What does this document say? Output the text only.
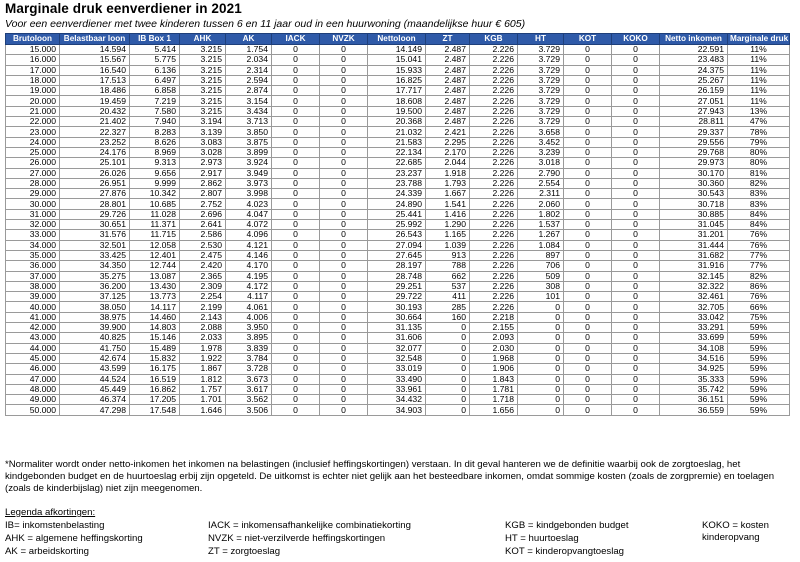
Marginale druk eenverdiener in 2021
Voor een eenverdiener met twee kinderen tussen 6 en 11 jaar oud in een huurwoning (maandelijkse huur € 605)
Brutoloon	Belastbaar loon	IB Box 1	AHK	AK	IACK	NVZK	Nettoloon	ZT	KGB	HT	KOT	KOKO	Netto inkomen	Marginale druk
15.000	14.594	5.414	3.215	1.754	0	0	14.149	2.487	2.226	3.729	0	0	22.591	11%
16.000	15.567	5.775	3.215	2.034	0	0	15.041	2.487	2.226	3.729	0	0	23.483	11%
17.000	16.540	6.136	3.215	2.314	0	0	15.933	2.487	2.226	3.729	0	0	24.375	11%
18.000	17.513	6.497	3.215	2.594	0	0	16.825	2.487	2.226	3.729	0	0	25.267	11%
19.000	18.486	6.858	3.215	2.874	0	0	17.717	2.487	2.226	3.729	0	0	26.159	11%
20.000	19.459	7.219	3.215	3.154	0	0	18.608	2.487	2.226	3.729	0	0	27.051	11%
21.000	20.432	7.580	3.215	3.434	0	0	19.500	2.487	2.226	3.729	0	0	27.943	13%
22.000	21.402	7.940	3.194	3.713	0	0	20.368	2.487	2.226	3.729	0	0	28.811	47%
23.000	22.327	8.283	3.139	3.850	0	0	21.032	2.421	2.226	3.658	0	0	29.337	78%
24.000	23.252	8.626	3.083	3.875	0	0	21.583	2.295	2.226	3.452	0	0	29.556	79%
25.000	24.176	8.969	3.028	3.899	0	0	22.134	2.170	2.226	3.239	0	0	29.768	80%
26.000	25.101	9.313	2.973	3.924	0	0	22.685	2.044	2.226	3.018	0	0	29.973	80%
27.000	26.026	9.656	2.917	3.949	0	0	23.237	1.918	2.226	2.790	0	0	30.170	81%
28.000	26.951	9.999	2.862	3.973	0	0	23.788	1.793	2.226	2.554	0	0	30.360	82%
29.000	27.876	10.342	2.807	3.998	0	0	24.339	1.667	2.226	2.311	0	0	30.543	83%
30.000	28.801	10.685	2.752	4.023	0	0	24.890	1.541	2.226	2.060	0	0	30.718	83%
31.000	29.726	11.028	2.696	4.047	0	0	25.441	1.416	2.226	1.802	0	0	30.885	84%
32.000	30.651	11.371	2.641	4.072	0	0	25.992	1.290	2.226	1.537	0	0	31.045	84%
33.000	31.576	11.715	2.586	4.096	0	0	26.543	1.165	2.226	1.267	0	0	31.201	76%
34.000	32.501	12.058	2.530	4.121	0	0	27.094	1.039	2.226	1.084	0	0	31.444	76%
35.000	33.425	12.401	2.475	4.146	0	0	27.645	913	2.226	897	0	0	31.682	77%
36.000	34.350	12.744	2.420	4.170	0	0	28.197	788	2.226	706	0	0	31.916	77%
37.000	35.275	13.087	2.365	4.195	0	0	28.748	662	2.226	509	0	0	32.145	82%
38.000	36.200	13.430	2.309	4.172	0	0	29.251	537	2.226	308	0	0	32.322	86%
39.000	37.125	13.773	2.254	4.117	0	0	29.722	411	2.226	101	0	0	32.461	76%
40.000	38.050	14.117	2.199	4.061	0	0	30.193	285	2.226	0	0	0	32.705	66%
41.000	38.975	14.460	2.143	4.006	0	0	30.664	160	2.218	0	0	0	33.042	75%
42.000	39.900	14.803	2.088	3.950	0	0	31.135	0	2.155	0	0	0	33.291	59%
43.000	40.825	15.146	2.033	3.895	0	0	31.606	0	2.093	0	0	0	33.699	59%
44.000	41.750	15.489	1.978	3.839	0	0	32.077	0	2.030	0	0	0	34.108	59%
45.000	42.674	15.832	1.922	3.784	0	0	32.548	0	1.968	0	0	0	34.516	59%
46.000	43.599	16.175	1.867	3.728	0	0	33.019	0	1.906	0	0	0	34.925	59%
47.000	44.524	16.519	1.812	3.673	0	0	33.490	0	1.843	0	0	0	35.333	59%
48.000	45.449	16.862	1.757	3.617	0	0	33.961	0	1.781	0	0	0	35.742	59%
49.000	46.374	17.205	1.701	3.562	0	0	34.432	0	1.718	0	0	0	36.151	59%
50.000	47.298	17.548	1.646	3.506	0	0	34.903	0	1.656	0	0	0	36.559	59%
*Normaliter wordt onder netto-inkomen het inkomen na belastingen (inclusief heffingskortingen) verstaan. In dit geval hanteren we de definitie waarbij ook de zorgtoeslag, het kindgebonden budget en de huurtoeslag erbij zijn opgeteld. De uitkomst is echter niet gelijk aan het besteedbare inkomen, omdat sommige kosten (zoals de zorgpremie) en toelagen (zoals de kinderbijslag) niet zijn meegenomen.
Legenda afkortingen:
IB= inkomstenbelasting
AHK = algemene heffingskorting
AK = arbeidskorting
IACK = inkomensafhankelijke combinatiekorting
NVZK = niet-verzilverde heffingskortingen
ZT = zorgtoeslag
KGB = kindgebonden budget
HT = huurtoeslag
KOT = kinderopvangtoeslag
KOKO = kosten kinderopvang
